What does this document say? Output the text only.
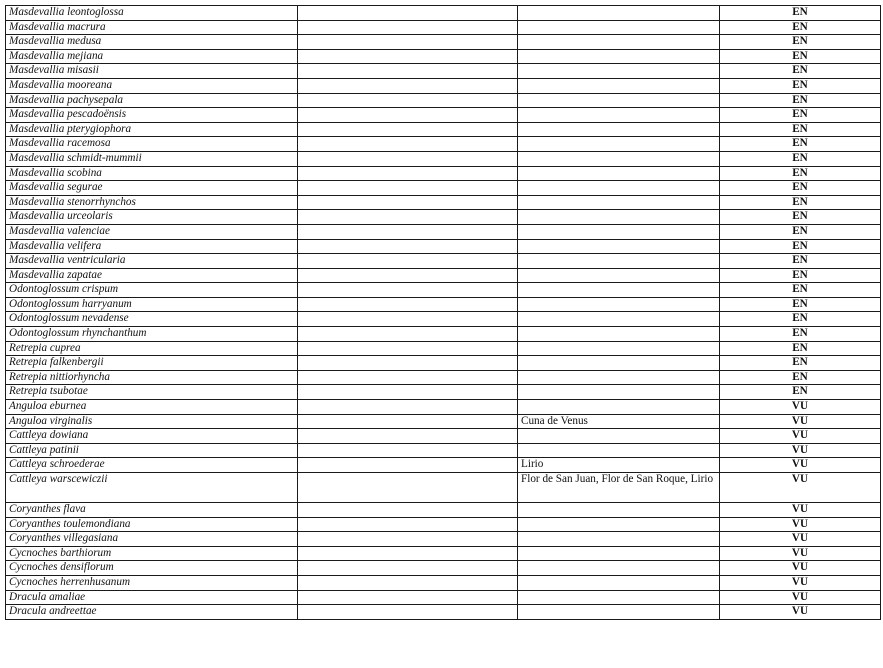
Masdevallia leontoglossa			EN
Masdevallia macrura			EN
Masdevallia medusa			EN
Masdevallia mejiana			EN
Masdevallia misasii			EN
Masdevallia mooreana			EN
Masdevallia pachysepala			EN
Masdevallia pescadoënsis			EN
Masdevallia pterygiophora			EN
Masdevallia racemosa			EN
Masdevallia schmidt-mummii			EN
Masdevallia scobina			EN
Masdevallia segurae			EN
Masdevallia stenorrhynchos			EN
Masdevallia urceolaris			EN
Masdevallia valenciae			EN
Masdevallia velifera			EN
Masdevallia ventricularia			EN
Masdevallia zapatae			EN
Odontoglossum crispum			EN
Odontoglossum harryanum			EN
Odontoglossum nevadense			EN
Odontoglossum rhynchanthum			EN
Retrepia cuprea			EN
Retrepia falkenbergii			EN
Retrepia nittiorhyncha			EN
Retrepia tsubotae			EN
Anguloa eburnea			VU
Anguloa virginalis		Cuna de Venus	VU
Cattleya dowiana			VU
Cattleya patinii			VU
Cattleya schroederae		Lirio	VU
Cattleya warscewiczii		Flor de San Juan, Flor de San Roque, Lirio	VU
Coryanthes flava			VU
Coryanthes toulemondiana			VU
Coryanthes villegasiana			VU
Cycnoches barthiorum			VU
Cycnoches densiflorum			VU
Cycnoches herrenhusanum			VU
Dracula amaliae			VU
Dracula andreettae			VU
